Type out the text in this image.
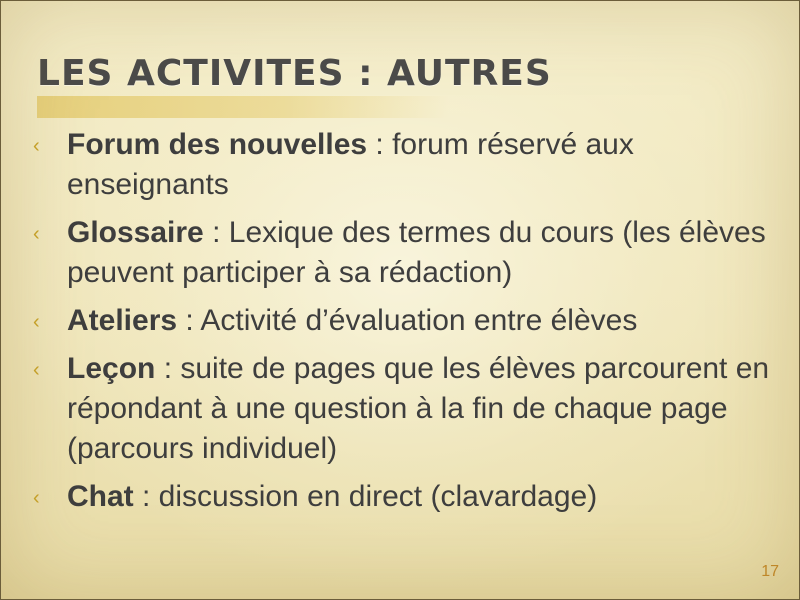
LES ACTIVITES : AUTRES
‹ Forum des nouvelles : forum réservé aux enseignants
‹ Glossaire : Lexique des termes du cours (les élèves peuvent participer à sa rédaction)
‹ Ateliers : Activité d’évaluation entre élèves
‹ Leçon : suite de pages que les élèves parcourent en répondant à une question à la fin de chaque page (parcours individuel)
‹ Chat : discussion en direct (clavardage)
17
